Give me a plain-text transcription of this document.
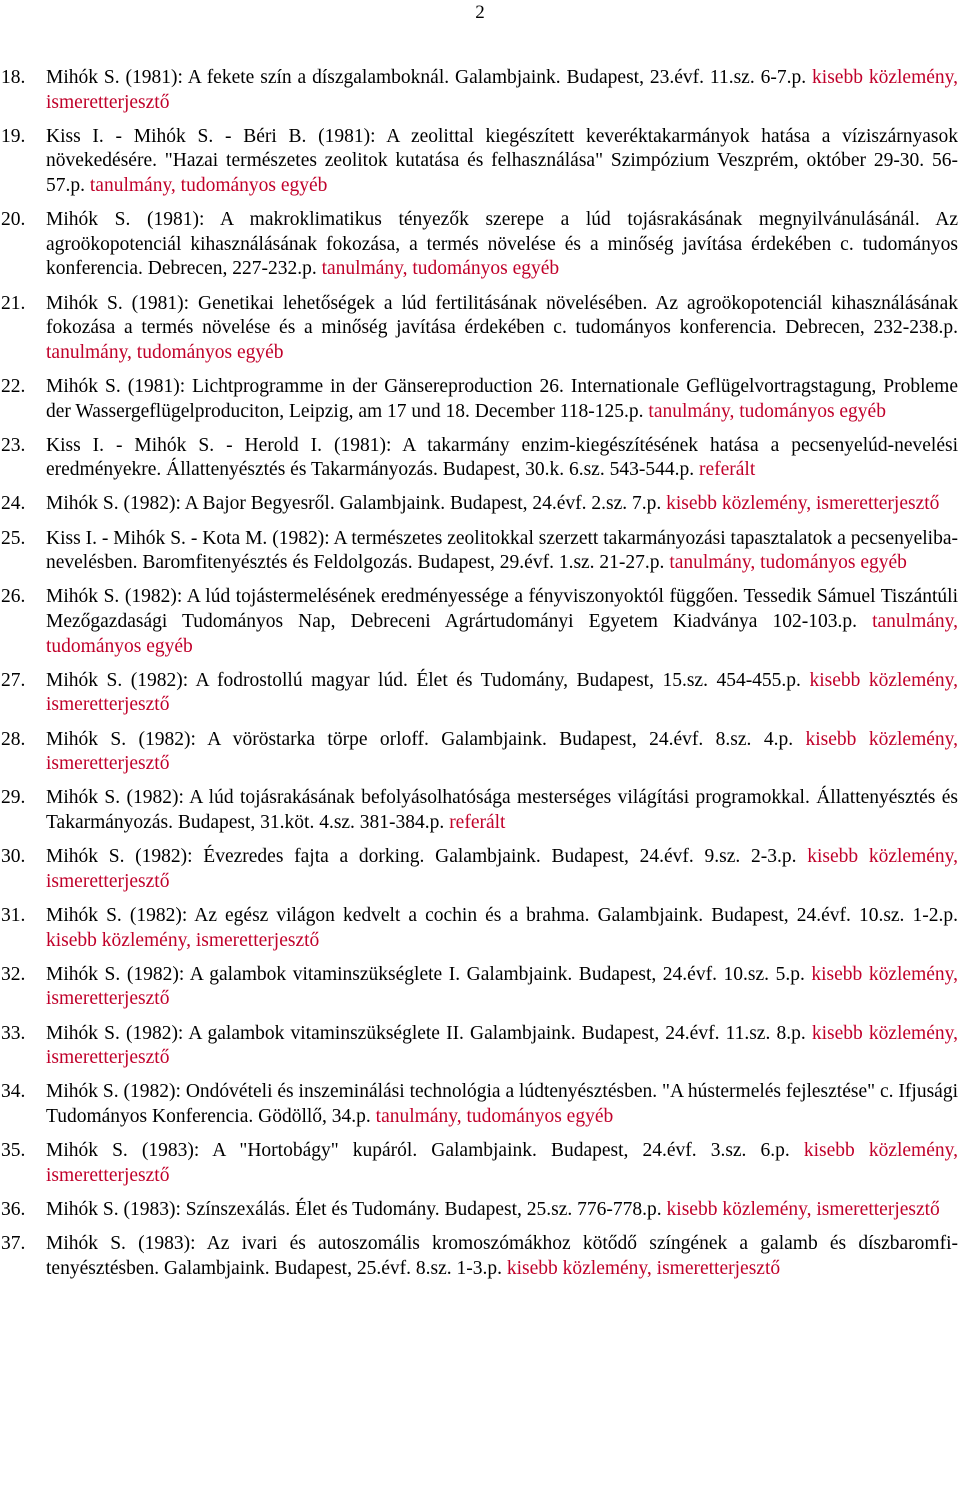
2
18. Mihók S. (1981): A fekete szín a díszgalamboknál. Galambjaink. Budapest, 23.évf. 11.sz. 6-7.p. kisebb közlemény, ismeretterjesztő
19. Kiss I. - Mihók S. - Béri B. (1981): A zeolittal kiegészített keveréktakarmányok hatása a víziszárnyasok növekedésére. "Hazai természetes zeolitok kutatása és felhasználása" Szimpózium Veszprém, október 29-30. 56-57.p. tanulmány, tudományos egyéb
20. Mihók S. (1981): A makroklimatikus tényezők szerepe a lúd tojásrakásának megnyilvánulásánál. Az agroökopotenciál kihasználásának fokozása, a termés növelése és a minőség javítása érdekében c. tudományos konferencia. Debrecen, 227-232.p. tanulmány, tudományos egyéb
21. Mihók S. (1981): Genetikai lehetőségek a lúd fertilitásának növelésében. Az agroökopotenciál kihasználásának fokozása a termés növelése és a minőség javítása érdekében c. tudományos konferencia. Debrecen, 232-238.p. tanulmány, tudományos egyéb
22. Mihók S. (1981): Lichtprogramme in der Gänsereproduction 26. Internationale Geflügelvortragstagung, Probleme der Wassergeflügelproduciton, Leipzig, am 17 und 18. December 118-125.p. tanulmány, tudományos egyéb
23. Kiss I. - Mihók S. - Herold I. (1981): A takarmány enzim-kiegészítésének hatása a pecsenyelúd-nevelési eredményekre. Állattenyésztés és Takarmányozás. Budapest, 30.k. 6.sz. 543-544.p. referált
24. Mihók S. (1982): A Bajor Begyesről. Galambjaink. Budapest, 24.évf. 2.sz. 7.p. kisebb közlemény, ismeretterjesztő
25. Kiss I. - Mihók S. - Kota M. (1982): A természetes zeolitokkal szerzett takarmányozási tapasztalatok a pecsenyeliba-nevelésben. Baromfitenyésztés és Feldolgozás. Budapest, 29.évf. 1.sz. 21-27.p. tanulmány, tudományos egyéb
26. Mihók S. (1982): A lúd tojástermelésének eredményessége a fényviszonyoktól függően. Tessedik Sámuel Tiszántúli Mezőgazdasági Tudományos Nap, Debreceni Agrártudományi Egyetem Kiadványa 102-103.p. tanulmány, tudományos egyéb
27. Mihók S. (1982): A fodrostollú magyar lúd. Élet és Tudomány, Budapest, 15.sz. 454-455.p. kisebb közlemény, ismeretterjesztő
28. Mihók S. (1982): A vöröstarka törpe orloff. Galambjaink. Budapest, 24.évf. 8.sz. 4.p. kisebb közlemény, ismeretterjesztő
29. Mihók S. (1982): A lúd tojásrakásának befolyásolhatósága mesterséges világítási programokkal. Állattenyésztés és Takarmányozás. Budapest, 31.köt. 4.sz. 381-384.p. referált
30. Mihók S. (1982): Évezredes fajta a dorking. Galambjaink. Budapest, 24.évf. 9.sz. 2-3.p. kisebb közlemény, ismeretterjesztő
31. Mihók S. (1982): Az egész világon kedvelt a cochin és a brahma. Galambjaink. Budapest, 24.évf. 10.sz. 1-2.p. kisebb közlemény, ismeretterjesztő
32. Mihók S. (1982): A galambok vitaminszükséglete I. Galambjaink. Budapest, 24.évf. 10.sz. 5.p. kisebb közlemény, ismeretterjesztő
33. Mihók S. (1982): A galambok vitaminszükséglete II. Galambjaink. Budapest, 24.évf. 11.sz. 8.p. kisebb közlemény, ismeretterjesztő
34. Mihók S. (1982): Ondóvételi és inszeminálási technológia a lúdtenyésztésben. "A hústermelés fejlesztése" c. Ifjusági Tudományos Konferencia. Gödöllő, 34.p. tanulmány, tudományos egyéb
35. Mihók S. (1983): A "Hortobágy" kupáról. Galambjaink. Budapest, 24.évf. 3.sz. 6.p. kisebb közlemény, ismeretterjesztő
36. Mihók S. (1983): Színszexálás. Élet és Tudomány. Budapest, 25.sz. 776-778.p. kisebb közlemény, ismeretterjesztő
37. Mihók S. (1983): Az ivari és autoszomális kromoszómákhoz kötődő színgének a galamb és díszbaromfi-tenyésztésben. Galambjaink. Budapest, 25.évf. 8.sz. 1-3.p. kisebb közlemény, ismeretterjesztő
